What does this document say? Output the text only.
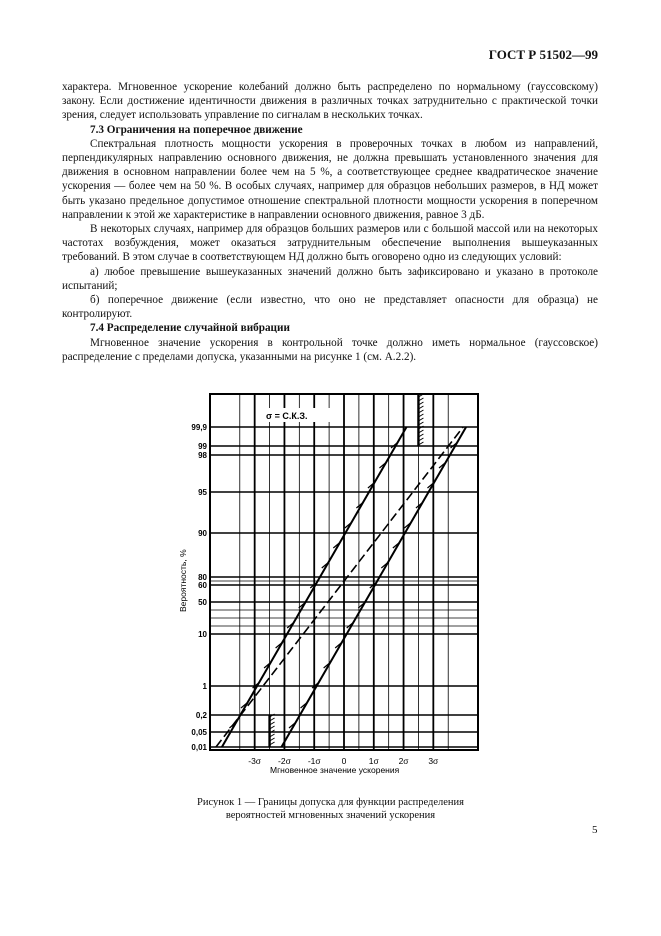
ГОСТ Р 51502—99

характера. Мгновенное ускорение колебаний должно быть распределено по нормальному (гауссовскому) закону. Если достижение идентичности движения в различных точках затруднительно с практической точки зрения, следует использовать управление по сигналам в нескольких точках.

7.3 Ограничения на поперечное движение

Спектральная плотность мощности ускорения в проверочных точках в любом из направлений, перпендикулярных направлению основного движения, не должна превышать установленного значения для движения в основном направлении более чем на 5 %, а соответствующее среднее квадратическое значение ускорения — более чем на 50 %. В особых случаях, например для образцов небольших размеров, в НД может быть указано предельное допустимое отношение спектральной плотности мощности ускорения в поперечном направлении к этой же характеристике в направлении основного движения, равное 3 дБ.

В некоторых случаях, например для образцов больших размеров или с большой массой или на некоторых частотах возбуждения, может оказаться затруднительным обеспечение выполнения вышеуказанных требований. В этом случае в соответствующем НД должно быть оговорено одно из следующих условий:

а) любое превышение вышеуказанных значений должно быть зафиксировано и указано в протоколе испытаний;

б) поперечное движение (если известно, что оно не представляет опасности для образца) не контролируют.

7.4 Распределение случайной вибрации

Мгновенное значение ускорения в контрольной точке должно иметь нормальное (гауссовское) распределение с пределами допуска, указанными на рисунке 1 (см. А.2.2).

99,9
99
98
95
90
80
60
50
10
1
0,2
0,05
0,01
-3σ -2σ -1σ 0	1σ 2σ 3σ
Мгновенное значение ускорения
Вероятность, %
σ = С.К.З.
Рисунок 1 — Границы допуска для функции распределения
вероятностей мгновенных значений ускорения
5
